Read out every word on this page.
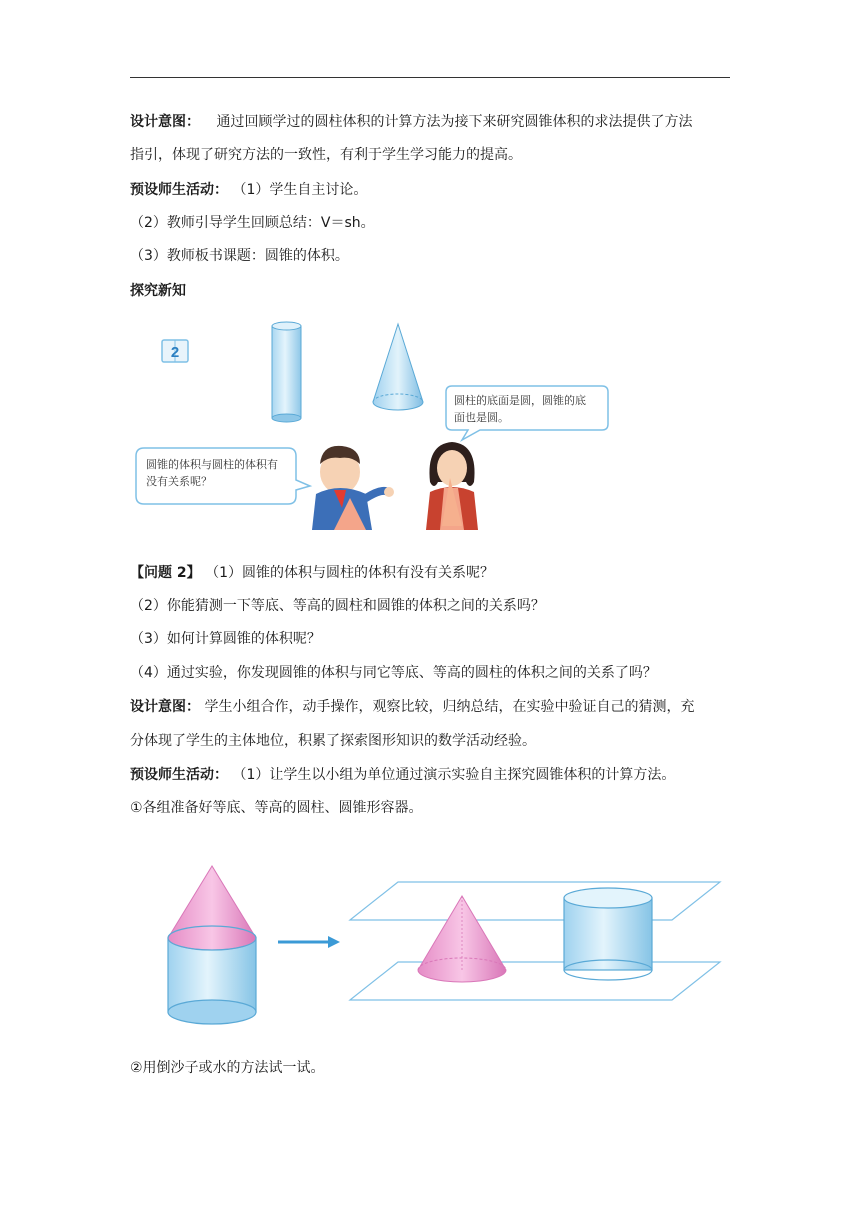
设计意图： 通过回顾学过的圆柱体积的计算方法为接下来研究圆锥体积的求法提供了方法
指引，体现了研究方法的一致性，有利于学生学习能力的提高。
预设师生活动： （1）学生自主讨论。
（2）教师引导学生回顾总结：V＝sh。
（3）教师板书课题：圆锥的体积。
探究新知
2
圆柱的底面是圆，圆锥的底
面也是圆。
圆锥的体积与圆柱的体积有
没有关系呢？
【问题 2】 （1）圆锥的体积与圆柱的体积有没有关系呢？
（2）你能猜测一下等底、等高的圆柱和圆锥的体积之间的关系吗？
（3）如何计算圆锥的体积呢？
（4）通过实验，你发现圆锥的体积与同它等底、等高的圆柱的体积之间的关系了吗？
设计意图： 学生小组合作，动手操作，观察比较，归纳总结，在实验中验证自己的猜测，充
分体现了学生的主体地位，积累了探索图形知识的数学活动经验。
预设师生活动： （1）让学生以小组为单位通过演示实验自主探究圆锥体积的计算方法。
①各组准备好等底、等高的圆柱、圆锥形容器。
②用倒沙子或水的方法试一试。
